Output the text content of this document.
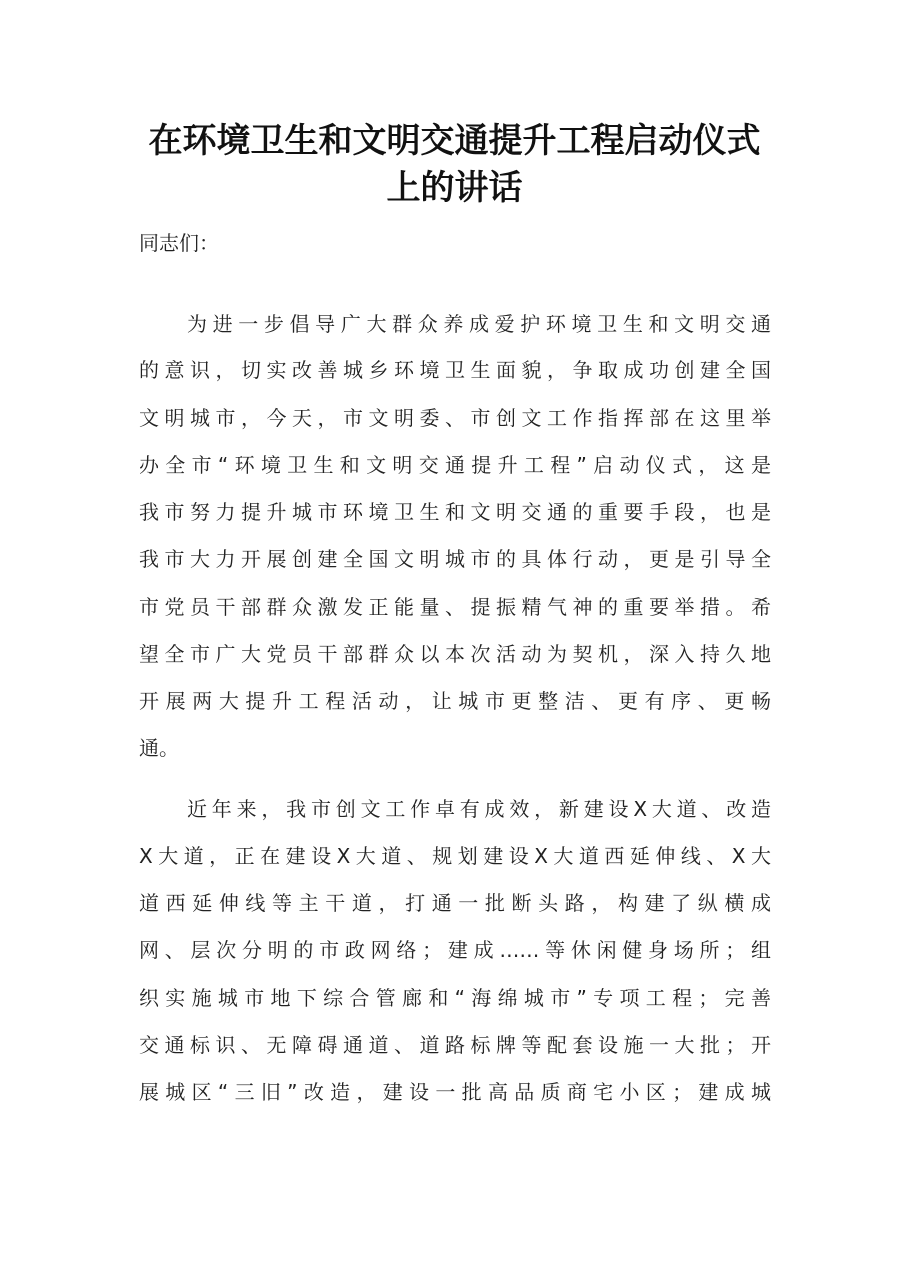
在环境卫生和文明交通提升工程启动仪式
上的讲话
同志们：
为进一步倡导广大群众养成爱护环境卫生和文明交通
的意识，切实改善城乡环境卫生面貌，争取成功创建全国
文明城市，今天，市文明委、市创文工作指挥部在这里举
办全市“环境卫生和文明交通提升工程”启动仪式，这是
我市努力提升城市环境卫生和文明交通的重要手段，也是
我市大力开展创建全国文明城市的具体行动，更是引导全
市党员干部群众激发正能量、提振精气神的重要举措。希
望全市广大党员干部群众以本次活动为契机，深入持久地
开展两大提升工程活动，让城市更整洁、更有序、更畅
通。
近年来，我市创文工作卓有成效，新建设X大道、改造
X大道，正在建设X大道、规划建设X大道西延伸线、X大
道西延伸线等主干道，打通一批断头路，构建了纵横成
网、层次分明的市政网络；建成……等休闲健身场所；组
织实施城市地下综合管廊和“海绵城市”专项工程；完善
交通标识、无障碍通道、道路标牌等配套设施一大批；开
展城区“三旧”改造，建设一批高品质商宅小区；建成城
